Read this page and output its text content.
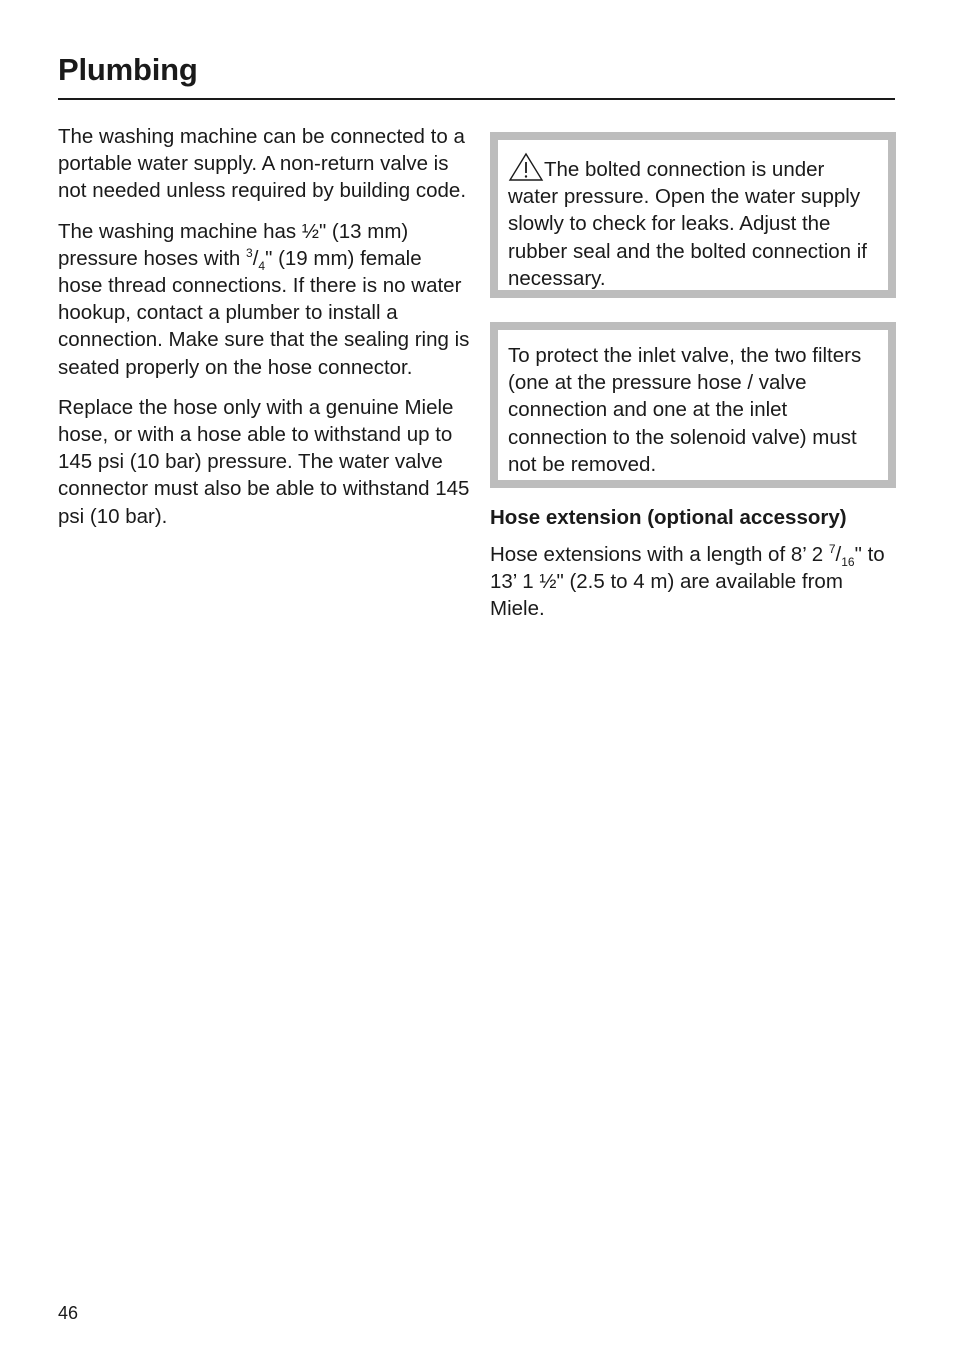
Plumbing

The washing machine can be connected to a portable water supply. A non-return valve is not needed unless required by building code.

The washing machine has ½" (13 mm) pressure hoses with $^3/_4$" (19 mm) female hose thread connections. If there is no water hookup, contact a plumber to install a connection. Make sure that the sealing ring is seated properly on the hose connector.

Replace the hose only with a genuine Miele hose, or with a hose able to withstand up to 145 psi (10 bar) pressure. The water valve connector must also be able to withstand 145 psi (10 bar).

The bolted connection is under water pressure. Open the water supply slowly to check for leaks. Adjust the rubber seal and the bolted connection if necessary.
To protect the inlet valve, the two filters (one at the pressure hose / valve connection and one at the inlet connection to the solenoid valve) must not be removed.
Hose extension (optional accessory)

Hose extensions with a length of 8’ 2 $^7/_{16}$" to 13’ 1 ½" (2.5 to 4 m) are available from Miele.

46
